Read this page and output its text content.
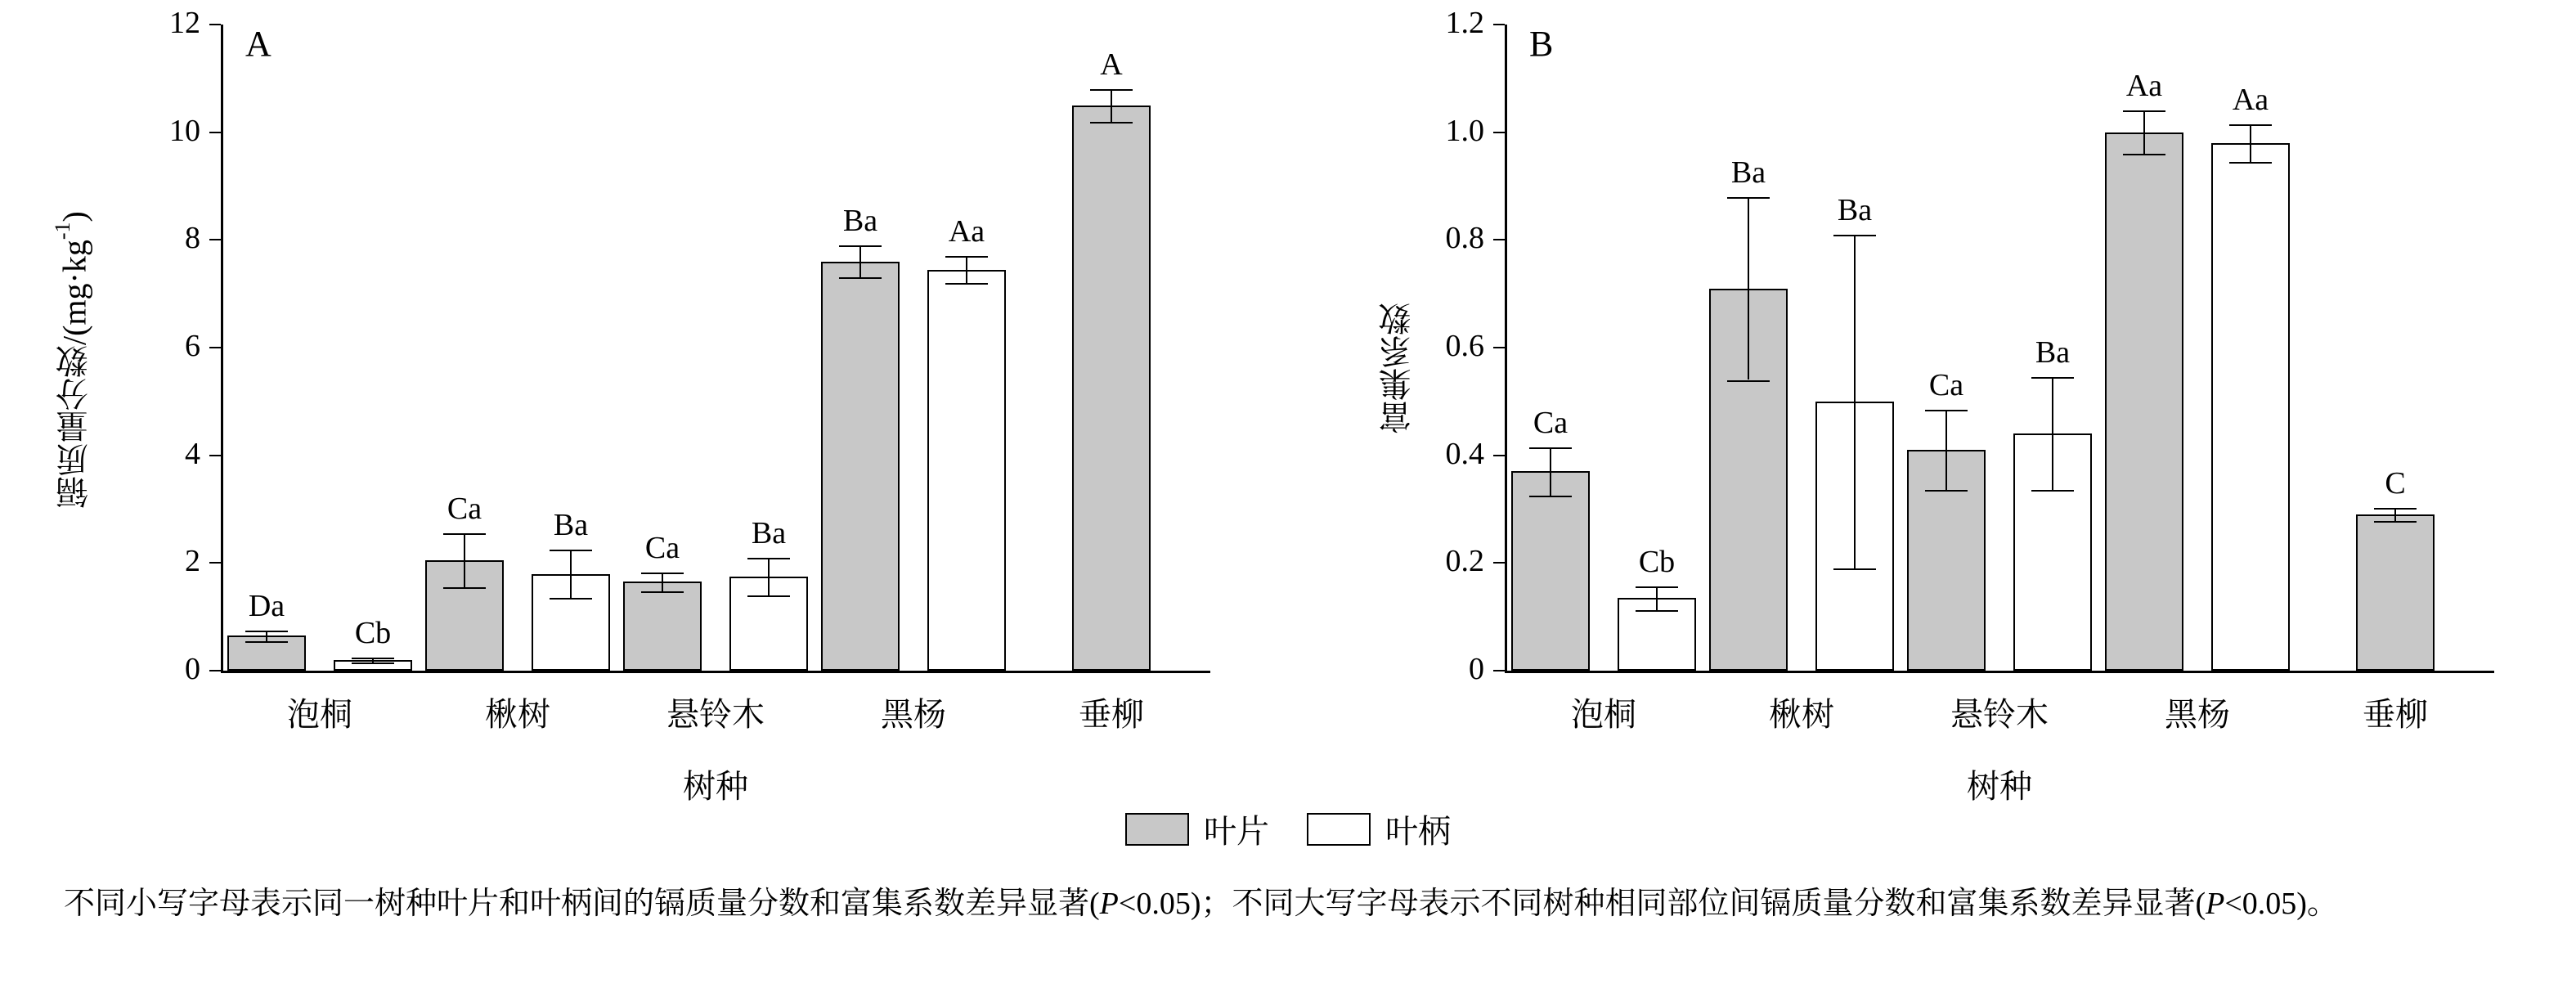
A
镉质量分数$/(mg\cdot kg^{-1})$
树种
0
2
4
6
8
10
12
Da
Cb
泡桐
Ca	Ba
楸树
Ca	Ba
悬铃木
Ba	Aa
黑杨
A
垂柳
B
富集系数
树种
0
0.2
0.4
0.6
0.8
1.0
1.2
Ca
Cb
泡桐
Ba
Ba
楸树
Ca
Ba
悬铃木
Aa	Aa
黑杨
C
垂柳
叶片	叶柄
不同小写字母表示同一树种叶片和叶柄间的镉质量分数和富集系数差异显著(P<0.05)；不同大写字母表示不同树种相同部位间镉质量分数和富集系数差异显著(P<0.05)。
